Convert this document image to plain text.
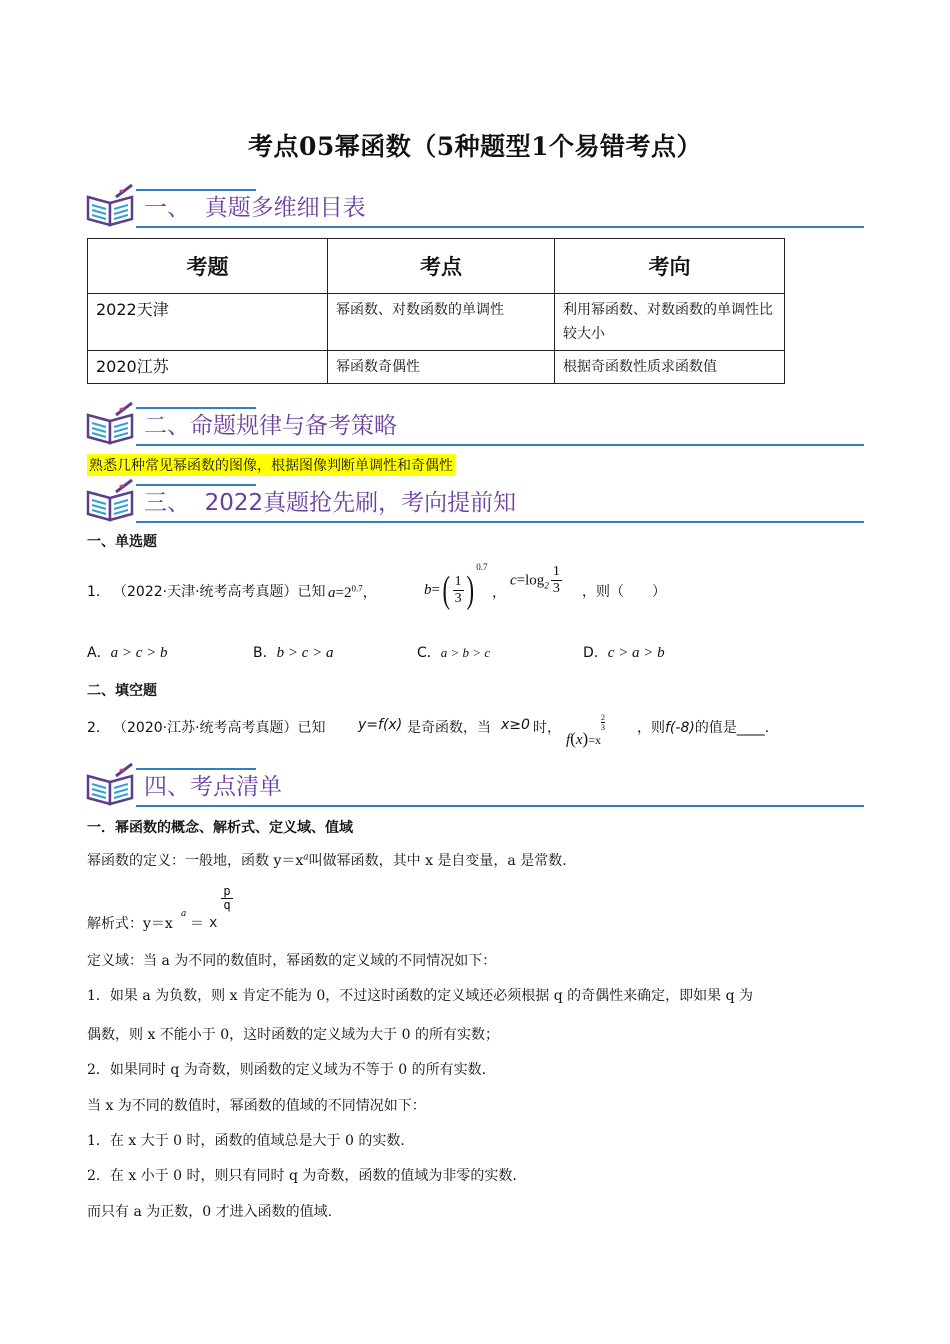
考点05幂函数（5种题型1个易错考点）
一、 真题多维细目表
考题	考点	考向
2022天津	幂函数、对数函数的单调性	利用幂函数、对数函数的单调性比较大小
2020江苏	幂函数奇偶性	根据奇函数性质求函数值
二、命题规律与备考策略
熟悉几种常见幂函数的图像，根据图像判断单调性和奇偶性
三、 2022真题抢先刷，考向提前知
一、单选题
1． （2022·天津·统考高考真题）已知 $a=2^{0.7}$，	$b=( \frac{1}{3} )^{0.7}$
，
$c=\log_2 \frac{1}{3}$ ，则（　　）
A．a > c > b	B．b > c > a	C．a > b > c	D．c > a > b
二、填空题
2． （2020·江苏·统考高考真题）已知 y=f(x) 是奇函数，当 x≥0 时，
f(x)=x
$\frac{2}{3}$ ，则f(-8)的值是____.
四、考点清单
一．幂函数的概念、解析式、定义域、值域
幂函数的定义：一般地，函数 $y=x^a$叫做幂函数，其中 x 是自变量，a 是常数.
解析式：y＝x
a
＝ x
p
q
定义域：当 a 为不同的数值时，幂函数的定义域的不同情况如下：
1．如果 a 为负数，则 x 肯定不能为 0，不过这时函数的定义域还必须根据 q 的奇偶性来确定，即如果 q 为
偶数，则 x 不能小于 0，这时函数的定义域为大于 0 的所有实数；
2．如果同时 q 为奇数，则函数的定义域为不等于 0 的所有实数.
当 x 为不同的数值时，幂函数的值域的不同情况如下：
1．在 x 大于 0 时，函数的值域总是大于 0 的实数.
2．在 x 小于 0 时，则只有同时 q 为奇数，函数的值域为非零的实数.
而只有 a 为正数，0 才进入函数的值域.
